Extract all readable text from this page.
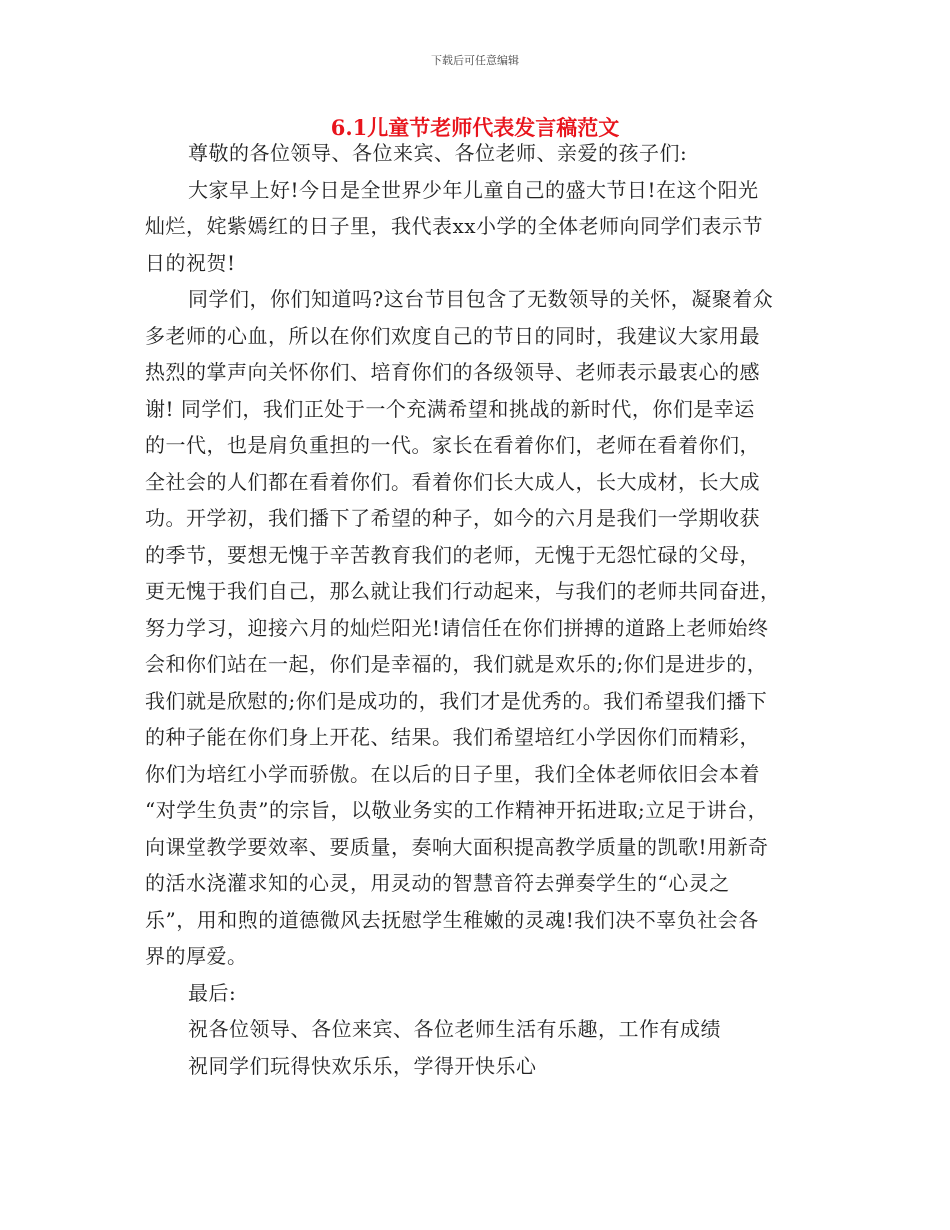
下载后可任意编辑
6.1儿童节老师代表发言稿范文
尊敬的各位领导、各位来宾、各位老师、亲爱的孩子们:
大家早上好!今日是全世界少年儿童自己的盛大节日!在这个阳光
灿烂，姹紫嫣红的日子里，我代表xx小学的全体老师向同学们表示节
日的祝贺!
同学们，你们知道吗?这台节目包含了无数领导的关怀，凝聚着众
多老师的心血，所以在你们欢度自己的节日的同时，我建议大家用最
热烈的掌声向关怀你们、培育你们的各级领导、老师表示最衷心的感
谢! 同学们，我们正处于一个充满希望和挑战的新时代，你们是幸运
的一代，也是肩负重担的一代。家长在看着你们，老师在看着你们，
全社会的人们都在看着你们。看着你们长大成人，长大成材，长大成
功。开学初，我们播下了希望的种子，如今的六月是我们一学期收获
的季节，要想无愧于辛苦教育我们的老师，无愧于无怨忙碌的父母，
更无愧于我们自己，那么就让我们行动起来，与我们的老师共同奋进，
努力学习，迎接六月的灿烂阳光!请信任在你们拼搏的道路上老师始终
会和你们站在一起，你们是幸福的，我们就是欢乐的;你们是进步的，
我们就是欣慰的;你们是成功的，我们才是优秀的。我们希望我们播下
的种子能在你们身上开花、结果。我们希望培红小学因你们而精彩，
你们为培红小学而骄傲。在以后的日子里，我们全体老师依旧会本着
“对学生负责”的宗旨，以敬业务实的工作精神开拓进取;立足于讲台，
向课堂教学要效率、要质量，奏响大面积提高教学质量的凯歌!用新奇
的活水浇灌求知的心灵，用灵动的智慧音符去弹奏学生的“心灵之
乐”，用和煦的道德微风去抚慰学生稚嫩的灵魂!我们决不辜负社会各
界的厚爱。
最后:
祝各位领导、各位来宾、各位老师生活有乐趣，工作有成绩
祝同学们玩得快欢乐乐，学得开快乐心
